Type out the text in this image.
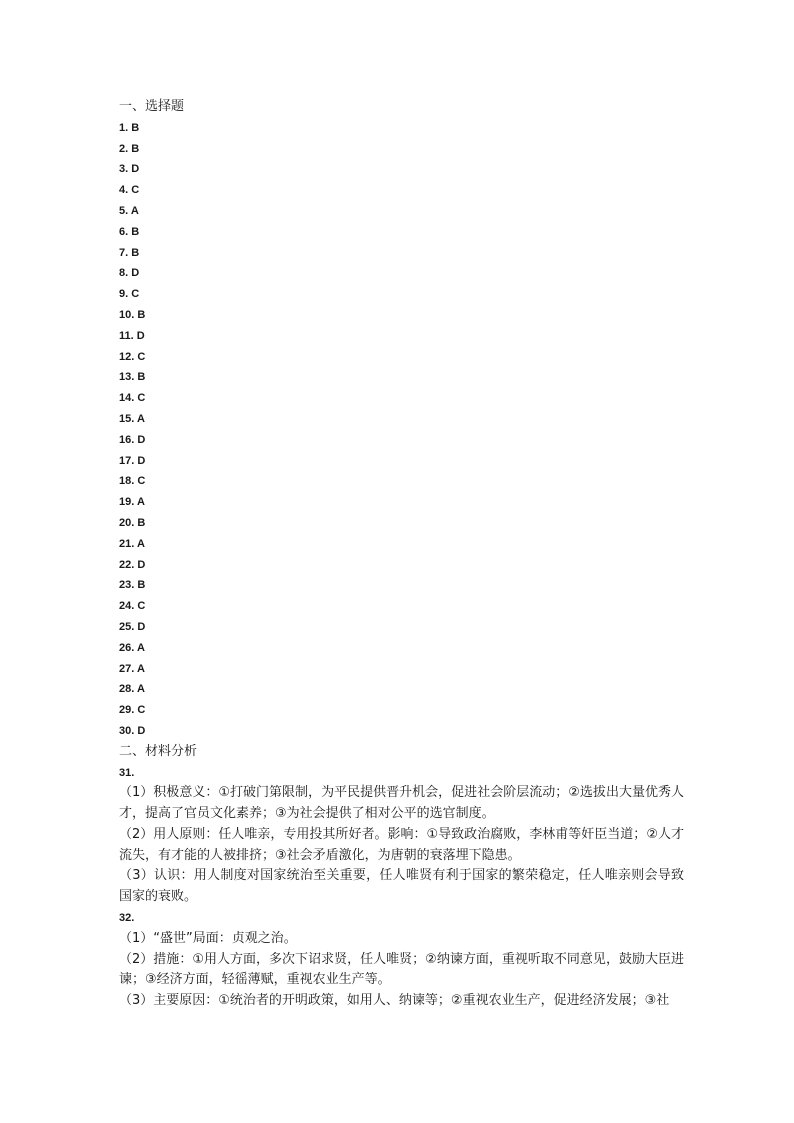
一、选择题
1. B
2. B
3. D
4. C
5. A
6. B
7. B
8. D
9. C
10. B
11. D
12. C
13. B
14. C
15. A
16. D
17. D
18. C
19. A
20. B
21. A
22. D
23. B
24. C
25. D
26. A
27. A
28. A
29. C
30. D
二、材料分析
31.

（1）积极意义：①打破门第限制，为平民提供晋升机会，促进社会阶层流动；②选拔出大量优秀人才，提高了官员文化素养；③为社会提供了相对公平的选官制度。

（2）用人原则：任人唯亲，专用投其所好者。影响：①导致政治腐败，李林甫等奸臣当道；②人才流失，有才能的人被排挤；③社会矛盾激化，为唐朝的衰落埋下隐患。

（3）认识：用人制度对国家统治至关重要，任人唯贤有利于国家的繁荣稳定，任人唯亲则会导致国家的衰败。

32.

（1）“盛世”局面：贞观之治。

（2）措施：①用人方面，多次下诏求贤，任人唯贤；②纳谏方面，重视听取不同意见，鼓励大臣进谏；③经济方面，轻徭薄赋，重视农业生产等。

（3）主要原因：①统治者的开明政策，如用人、纳谏等；②重视农业生产，促进经济发展；③社
